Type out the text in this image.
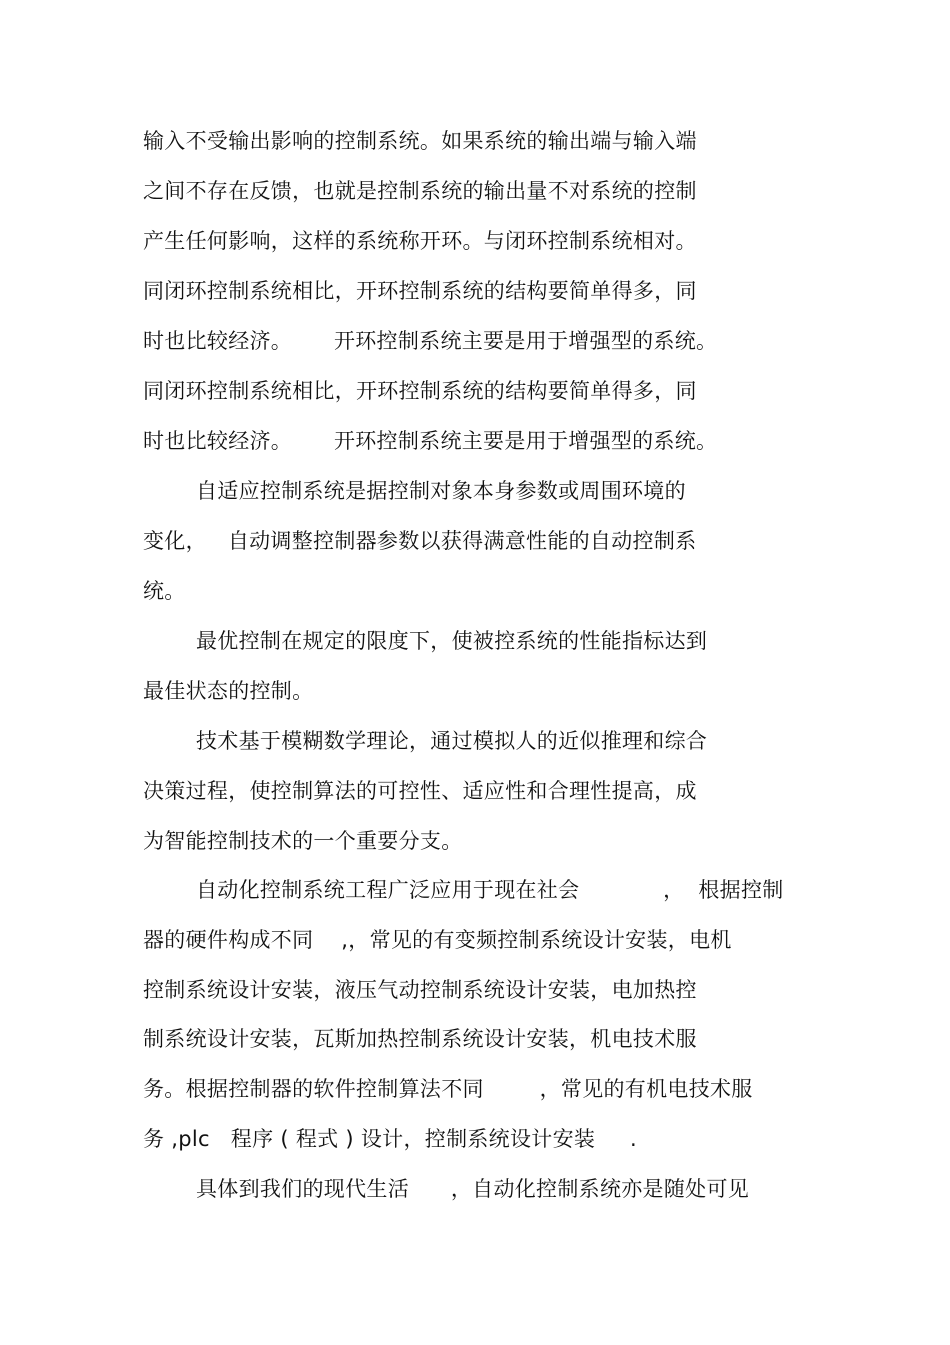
输入不受输出影响的控制系统。如果系统的输出端与输入端
之间不存在反馈，也就是控制系统的输出量不对系统的控制
产生任何影响，这样的系统称开环。与闭环控制系统相对。
同闭环控制系统相比，开环控制系统的结构要简单得多，同
时也比较经济。      开环控制系统主要是用于增强型的系统。
同闭环控制系统相比，开环控制系统的结构要简单得多，同
时也比较经济。      开环控制系统主要是用于增强型的系统。
自适应控制系统是据控制对象本身参数或周围环境的
变化，   自动调整控制器参数以获得满意性能的自动控制系
统。
最优控制在规定的限度下，使被控系统的性能指标达到
最佳状态的控制。
技术基于模糊数学理论，通过模拟人的近似推理和综合
决策过程，使控制算法的可控性、适应性和合理性提高，成
为智能控制技术的一个重要分支。
自动化控制系统工程广泛应用于现在社会            ，  根据控制
器的硬件构成不同    ,，常见的有变频控制系统设计安装，电机
控制系统设计安装，液压气动控制系统设计安装，电加热控
制系统设计安装，瓦斯加热控制系统设计安装，机电技术服
务。根据控制器的软件控制算法不同        ，常见的有机电技术服
务 ,plc   程序 ( 程式 ) 设计，控制系统设计安装     .
具体到我们的现代生活      ，自动化控制系统亦是随处可见
